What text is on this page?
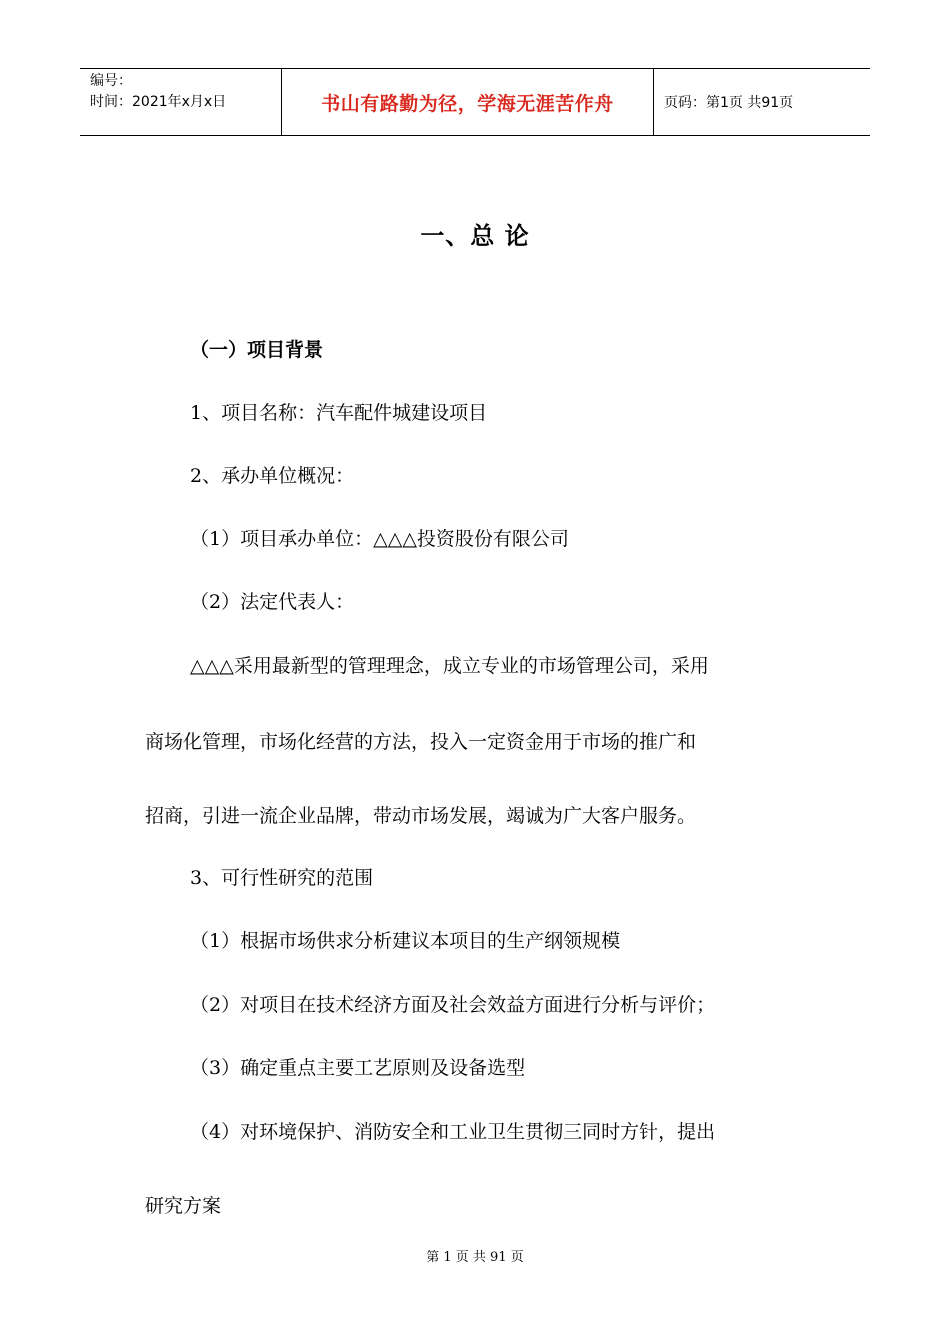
编号：
时间：2021年x月x日	书山有路勤为径，学海无涯苦作舟	页码：第1页 共91页
一、总 论
（一）项目背景
1、项目名称：汽车配件城建设项目
2、承办单位概况：
（1）项目承办单位：△△△投资股份有限公司
（2）法定代表人：
△△△采用最新型的管理理念，成立专业的市场管理公司，采用
商场化管理，市场化经营的方法，投入一定资金用于市场的推广和
招商，引进一流企业品牌，带动市场发展，竭诚为广大客户服务。
3、可行性研究的范围
（1）根据市场供求分析建议本项目的生产纲领规模
（2）对项目在技术经济方面及社会效益方面进行分析与评价；
（3）确定重点主要工艺原则及设备选型
（4）对环境保护、消防安全和工业卫生贯彻三同时方针，提出
研究方案
第 1 页 共 91 页
